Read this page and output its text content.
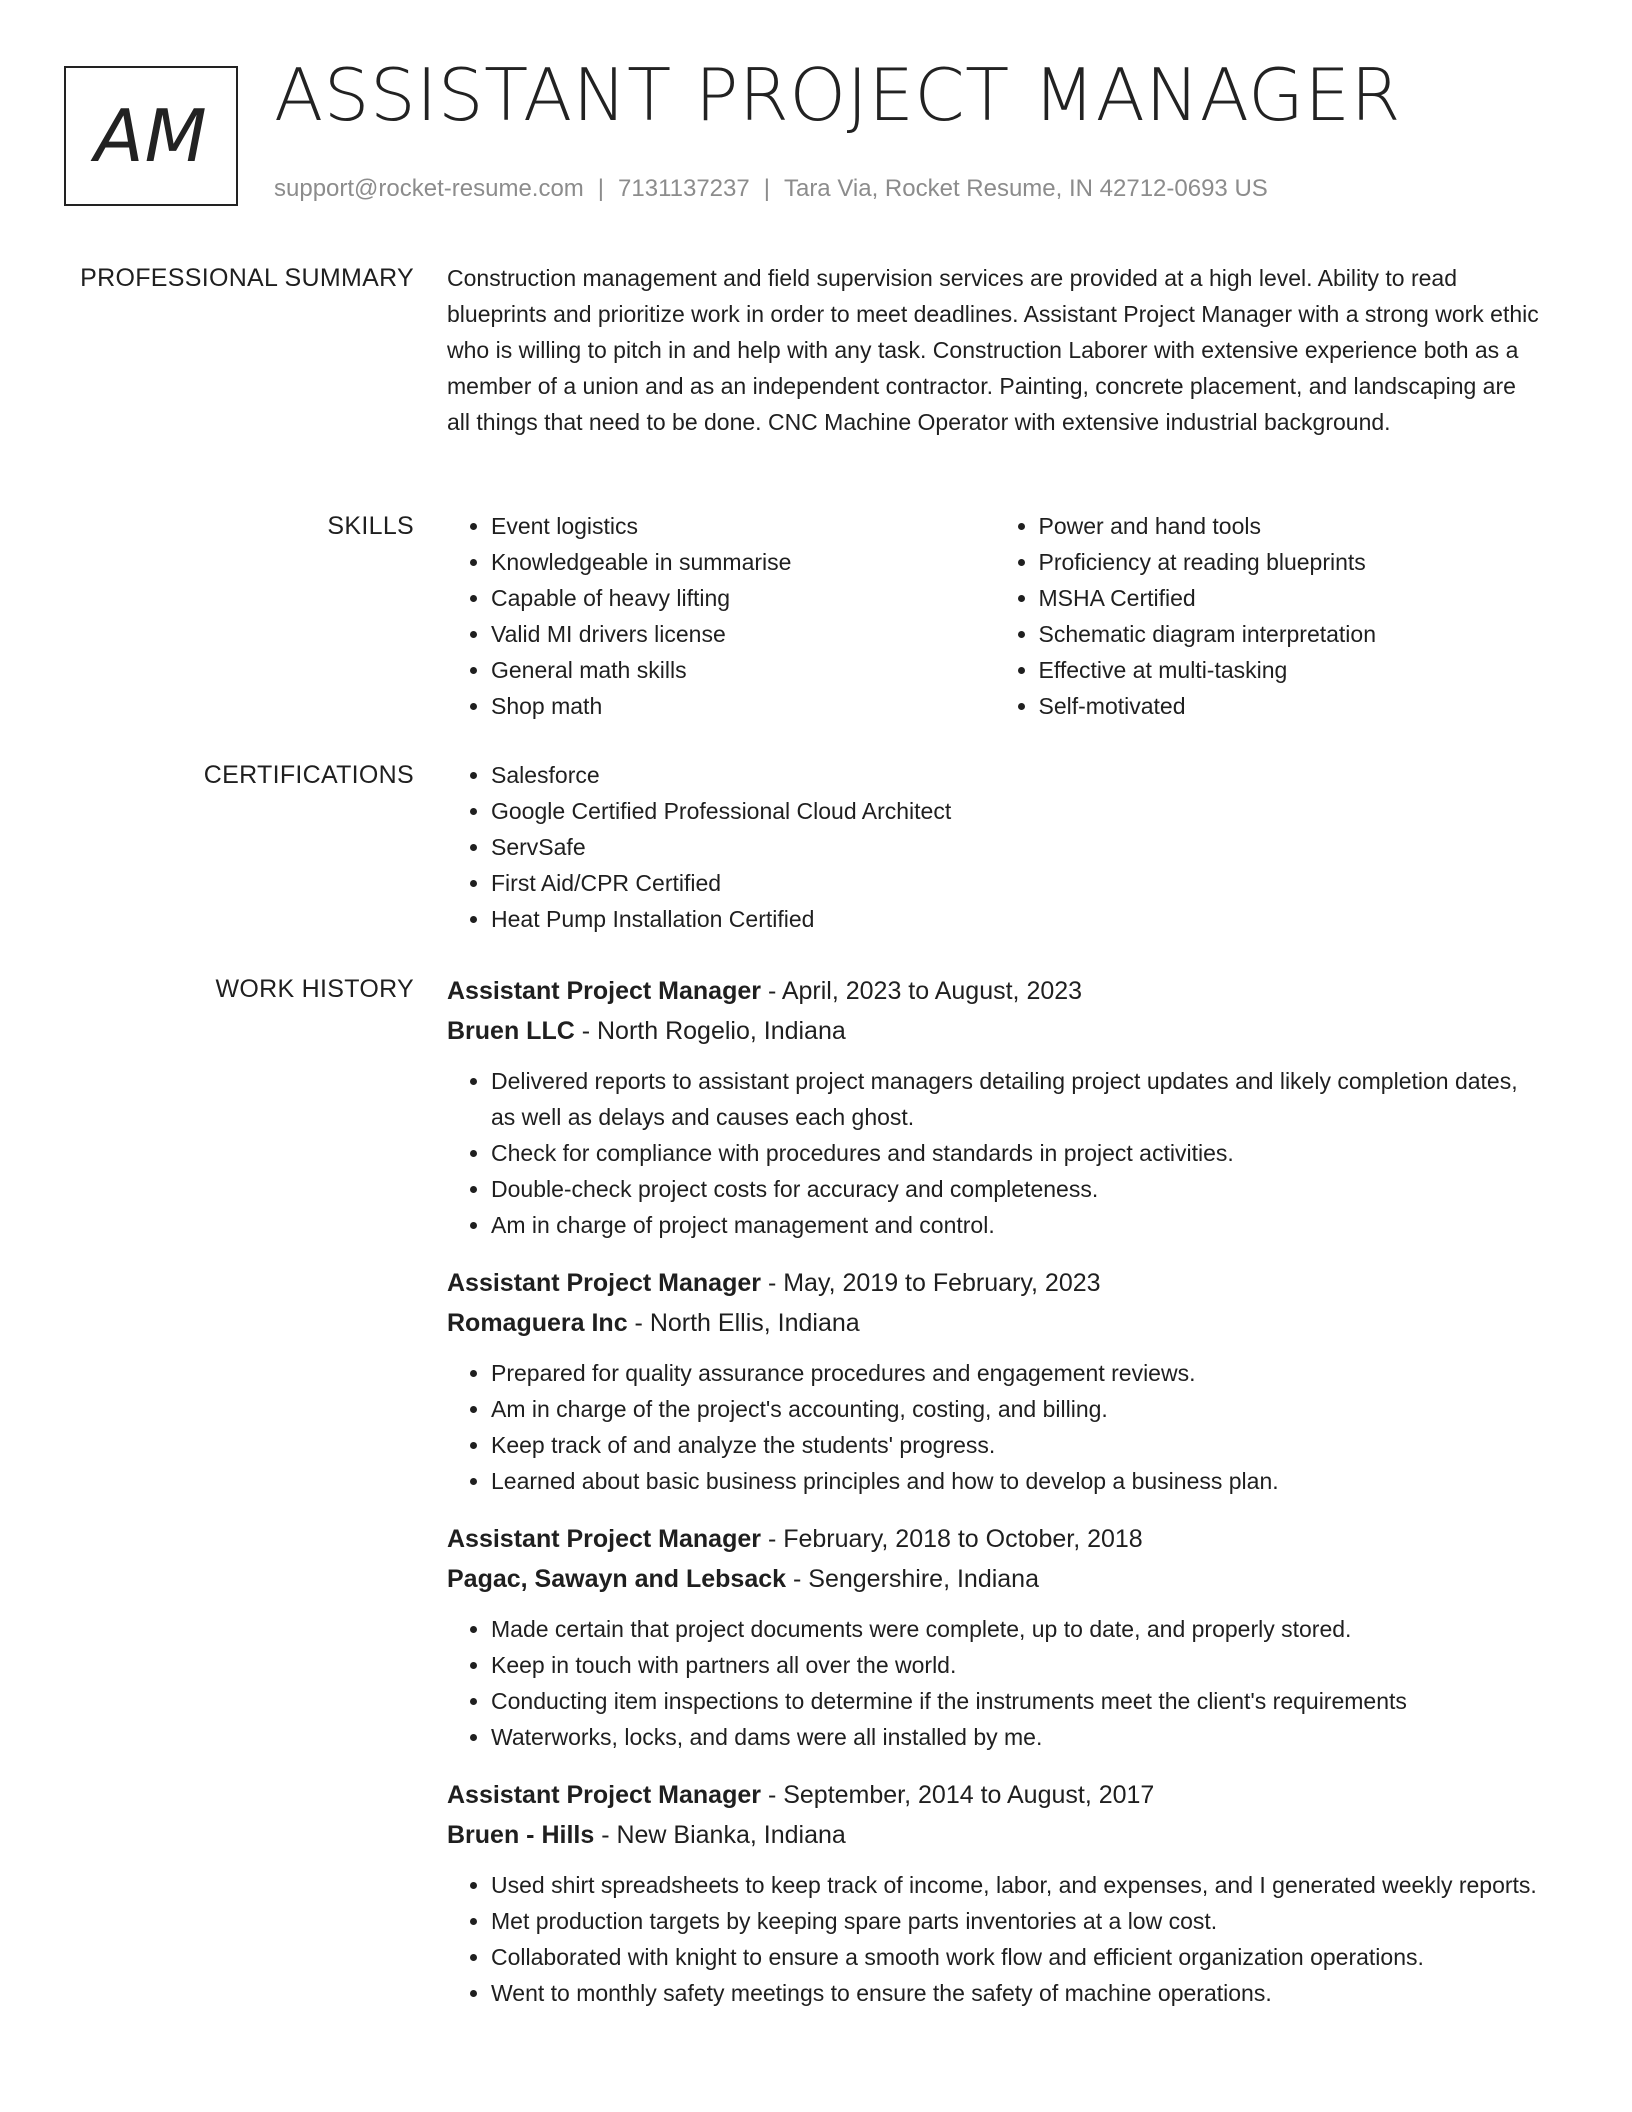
AM ASSISTANT PROJECT MANAGER
support@rocket-resume.com | 7131137237 | Tara Via, Rocket Resume, IN 42712-0693 US
PROFESSIONAL SUMMARY Construction management and field supervision services are provided at a high level. Ability to read blueprints and prioritize work in order to meet deadlines. Assistant Project Manager with a strong work ethic who is willing to pitch in and help with any task. Construction Laborer with extensive experience both as a member of a union and as an independent contractor. Painting, concrete placement, and landscaping are all things that need to be done. CNC Machine Operator with extensive industrial background.

SKILLS	• Event logistics
• Knowledgeable in summarise
• Capable of heavy lifting
• Valid MI drivers license
• General math skills
• Shop math
• Power and hand tools
• Proficiency at reading blueprints
• MSHA Certified
• Schematic diagram interpretation
• Effective at multi-tasking
• Self-motivated
CERTIFICATIONS	• Salesforce
• Google Certified Professional Cloud Architect
• ServSafe
• First Aid/CPR Certified
• Heat Pump Installation Certified
WORK HISTORY Assistant Project Manager - April, 2023 to August, 2023
Bruen LLC - North Rogelio, Indiana
• Delivered reports to assistant project managers detailing project updates and likely completion dates, as well as delays and causes each ghost.
• Check for compliance with procedures and standards in project activities.
• Double-check project costs for accuracy and completeness.
• Am in charge of project management and control.
Assistant Project Manager - May, 2019 to February, 2023
Romaguera Inc - North Ellis, Indiana
• Prepared for quality assurance procedures and engagement reviews.
• Am in charge of the project's accounting, costing, and billing.
• Keep track of and analyze the students' progress.
• Learned about basic business principles and how to develop a business plan.
Assistant Project Manager - February, 2018 to October, 2018
Pagac, Sawayn and Lebsack - Sengershire, Indiana
• Made certain that project documents were complete, up to date, and properly stored.
• Keep in touch with partners all over the world.
• Conducting item inspections to determine if the instruments meet the client's requirements
• Waterworks, locks, and dams were all installed by me.
Assistant Project Manager - September, 2014 to August, 2017
Bruen - Hills - New Bianka, Indiana
• Used shirt spreadsheets to keep track of income, labor, and expenses, and I generated weekly reports.
• Met production targets by keeping spare parts inventories at a low cost.
• Collaborated with knight to ensure a smooth work flow and efficient organization operations.
• Went to monthly safety meetings to ensure the safety of machine operations.
